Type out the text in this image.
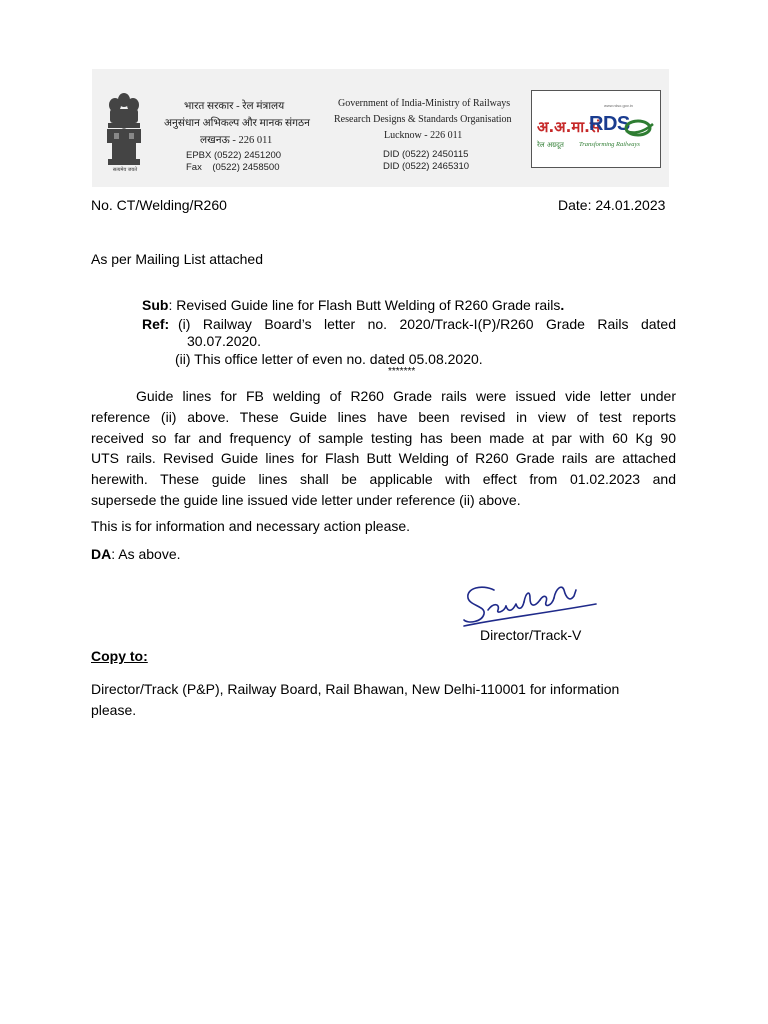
सत्यमेव जयते
भारत सरकार - रेल मंत्रालय
अनुसंधान अभिकल्प और मानक संगठन
लखनऊ - 226 011
EPBX (0522) 2451200
Fax    (0522) 2458500
Government of India-Ministry of Railways
Research Designs & Standards Organisation
Lucknow - 226 011
DID (0522) 2450115
DID (0522) 2465310
www.rdso.gov.in
अ.अ.मा.सं
RDS
रेल अग्रदूत Transforming Railways
No. CT/Welding/R260	Date: 24.01.2023
As per Mailing List attached
Sub: Revised Guide line for Flash Butt Welding of R260 Grade rails.
Ref: (i) Railway Board’s letter no. 2020/Track-I(P)/R260 Grade Rails dated
30.07.2020.
(ii) This office letter of even no. dated 05.08.2020.
*******
Guide lines for FB welding of R260 Grade rails were issued vide letter under
reference (ii) above. These Guide lines have been revised in view of test reports
received so far and frequency of sample testing has been made at par with 60 Kg 90
UTS rails. Revised Guide lines for Flash Butt Welding of R260 Grade rails are attached
herewith. These guide lines shall be applicable with effect from 01.02.2023 and
supersede the guide line issued vide letter under reference (ii) above.
This is for information and necessary action please.
DA: As above.
Director/Track-V
Copy to:
Director/Track (P&P), Railway Board, Rail Bhawan, New Delhi-110001 for information
please.
